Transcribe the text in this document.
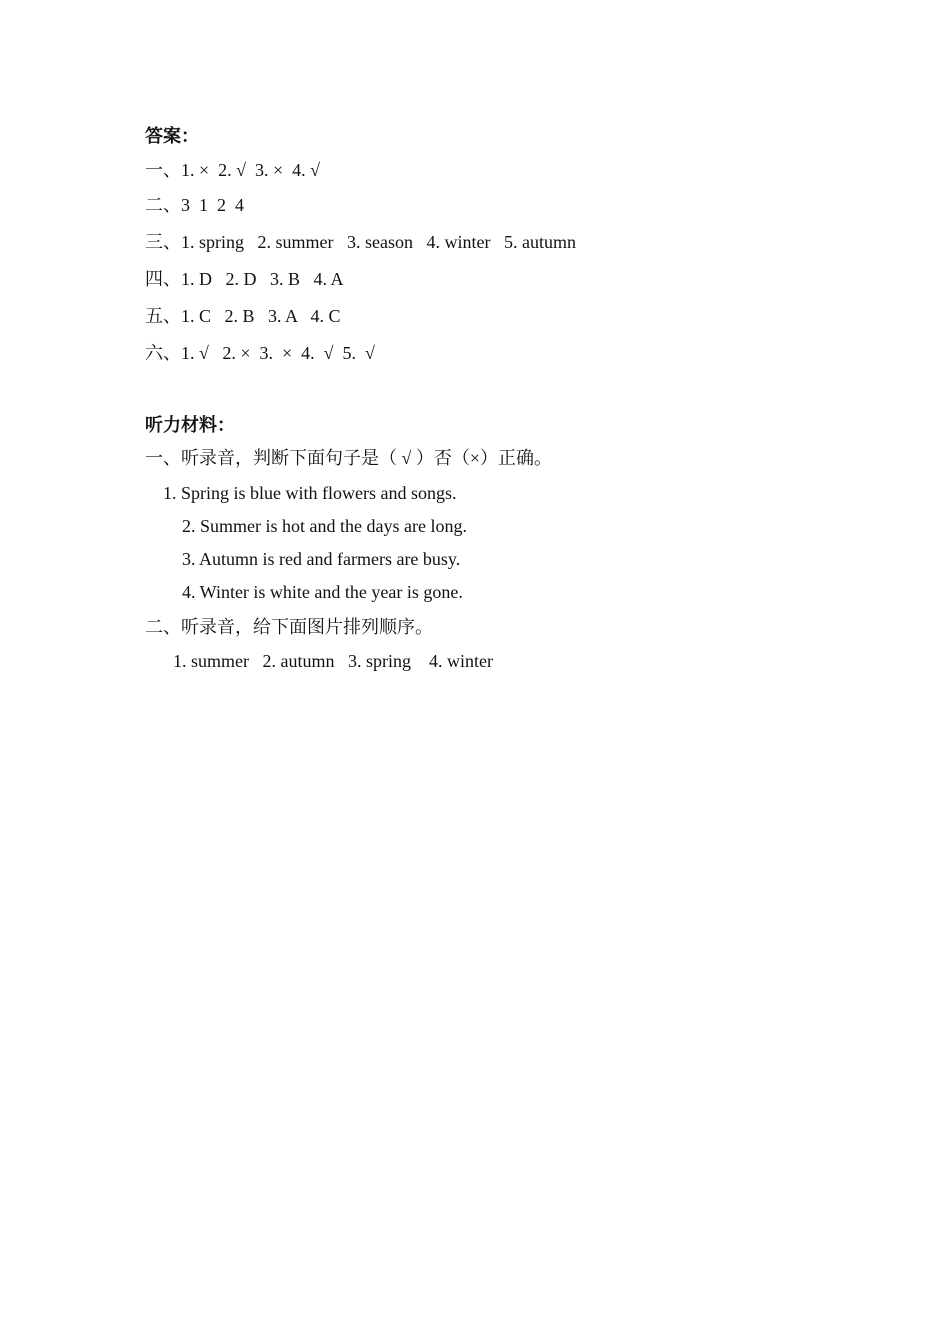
答案：
一、1. ×  2. √  3. ×  4. √
二、3  1  2  4
三、1. spring   2. summer   3. season   4. winter   5. autumn
四、1. D   2. D   3. B   4. A
五、1. C   2. B   3. A   4. C
六、1. √   2. ×  3.  ×  4.  √  5.  √
听力材料：
一、听录音，判断下面句子是（ √ ）否（×）正确。
1. Spring is blue with flowers and songs.
2. Summer is hot and the days are long.
3. Autumn is red and farmers are busy.
4. Winter is white and the year is gone.
二、听录音，给下面图片排列顺序。
1. summer   2. autumn   3. spring    4. winter
